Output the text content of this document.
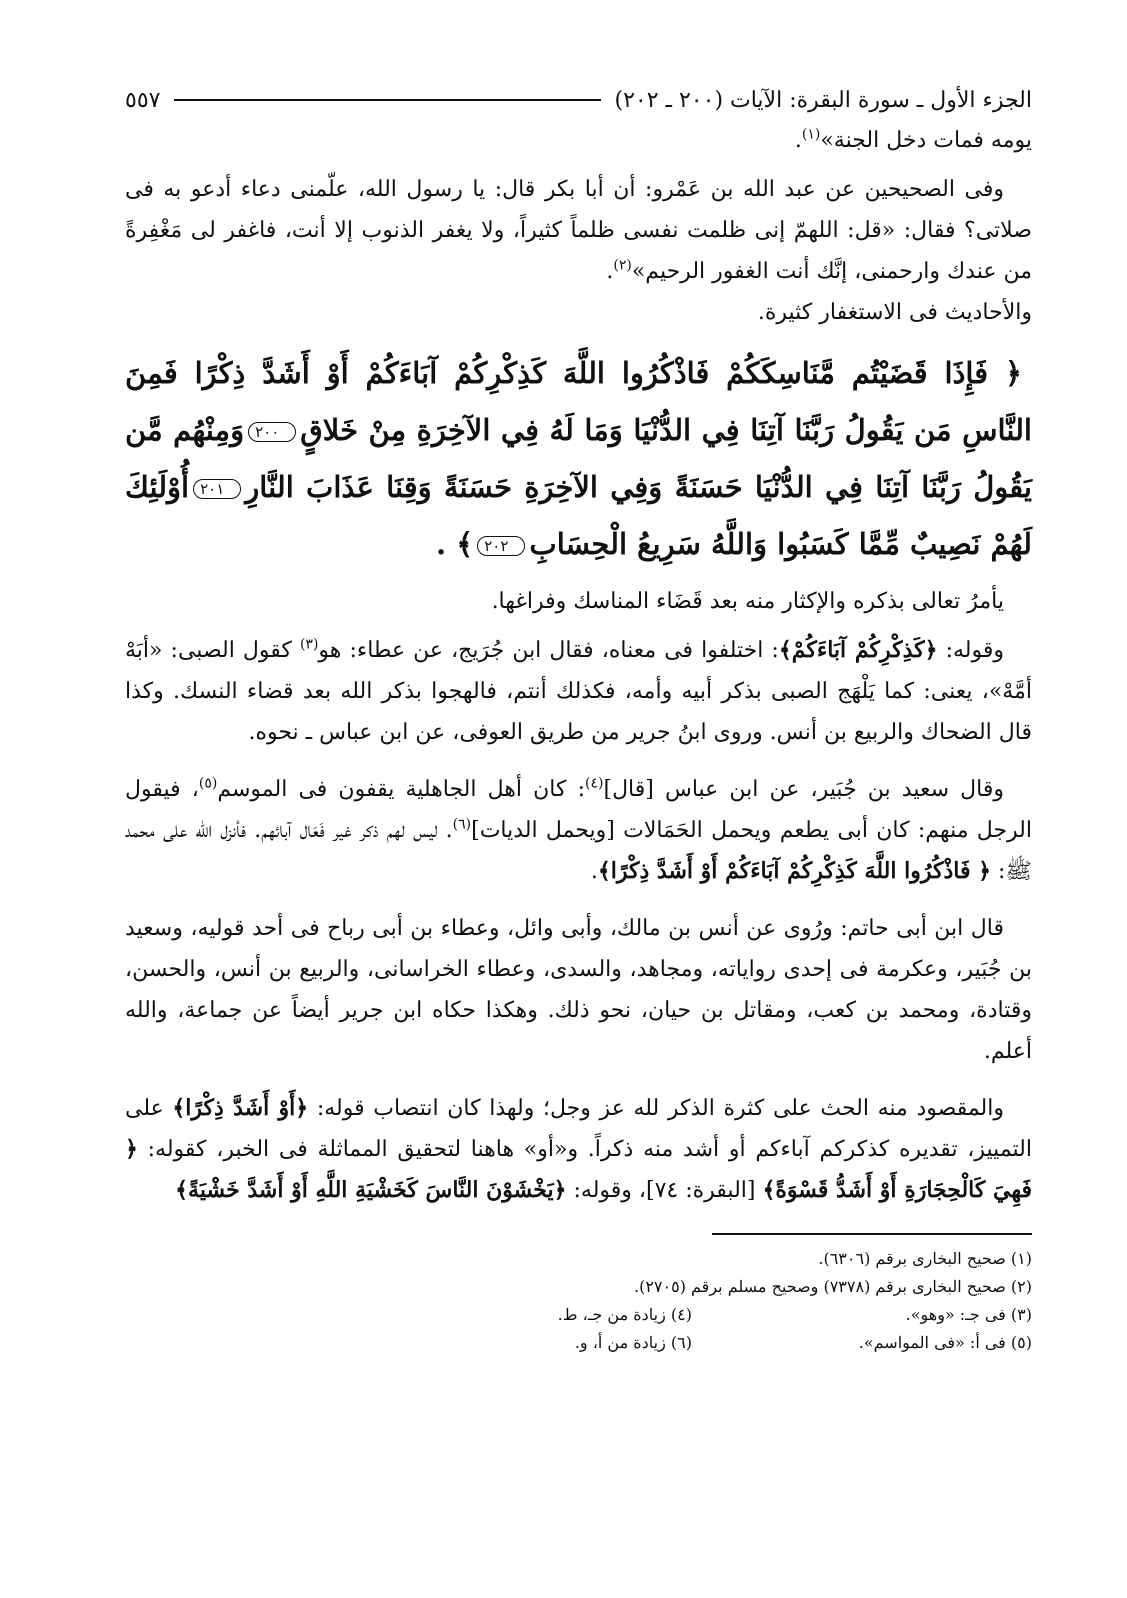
الجزء الأول ـ سورة البقرة: الآيات (٢٠٠ ـ ٢٠٢)
٥٥٧

يومه فمات دخل الجنة»$^{(١)}$.

وفى الصحيحين عن عبد الله بن عَمْرو: أن أبا بكر قال: يا رسول الله، علّمنى دعاء أدعو به فى صلاتى؟ فقال: «قل: اللهمّ إنى ظلمت نفسى ظلماً كثيراً، ولا يغفر الذنوب إلا أنت، فاغفر لى مَغْفِرةً من عندك وارحمنى، إنَّك أنت الغفور الرحيم»$^{(٢)}$.

والأحاديث فى الاستغفار كثيرة.

﴿ فَإِذَا قَضَيْتُم مَّنَاسِكَكُمْ فَاذْكُرُوا اللَّهَ كَذِكْرِكُمْ آبَاءَكُمْ أَوْ أَشَدَّ ذِكْرًا فَمِنَ النَّاسِ مَن يَقُولُ رَبَّنَا آتِنَا فِي الدُّنْيَا وَمَا لَهُ فِي الآخِرَةِ مِنْ خَلاقٍ٢٠٠وَمِنْهُم مَّن يَقُولُ رَبَّنَا آتِنَا فِي الدُّنْيَا حَسَنَةً وَفِي الآخِرَةِ حَسَنَةً وَقِنَا عَذَابَ النَّارِ٢٠١أُوْلَئِكَ لَهُمْ نَصِيبٌ مِّمَّا كَسَبُوا وَاللَّهُ سَرِيعُ الْحِسَابِ٢٠٢﴾ .

يأمرُ تعالى بذكره والإكثار منه بعد قَضَاء المناسك وفراغها.

وقوله: ﴿كَذِكْرِكُمْ آبَاءَكُمْ﴾: اختلفوا فى معناه، فقال ابن جُرَيج، عن عطاء: هو$^{(٣)}$ كقول الصبى: «أبَهْ أمَّهْ»، يعنى: كما يَلْهَج الصبى بذكر أبيه وأمه، فكذلك أنتم، فالهجوا بذكر الله بعد قضاء النسك. وكذا قال الضحاك والربيع بن أنس. وروى ابنُ جرير من طريق العوفى، عن ابن عباس ـ نحوه.

وقال سعيد بن جُبَير، عن ابن عباس [قال]$^{(٤)}$: كان أهل الجاهلية يقفون فى الموسم$^{(٥)}$، فيقول الرجل منهم: كان أبى يطعم ويحمل الحَمَالات [ويحمل الديات]$^{(٦)}$. ليس لهم ذكر غير فَعَال آبائهم. فأنزل الله على محمد ﷺ: ﴿ فَاذْكُرُوا اللَّهَ كَذِكْرِكُمْ آبَاءَكُمْ أَوْ أَشَدَّ ذِكْرًا﴾.

قال ابن أبى حاتم: ورُوى عن أنس بن مالك، وأبى وائل، وعطاء بن أبى رباح فى أحد قوليه، وسعيد بن جُبَير، وعكرمة فى إحدى رواياته، ومجاهد، والسدى، وعطاء الخراسانى، والربيع بن أنس، والحسن، وقتادة، ومحمد بن كعب، ومقاتل بن حيان، نحو ذلك. وهكذا حكاه ابن جرير أيضاً عن جماعة، والله أعلم.

والمقصود منه الحث على كثرة الذكر لله عز وجل؛ ولهذا كان انتصاب قوله: ﴿أَوْ أَشَدَّ ذِكْرًا﴾ على التمييز، تقديره كذكركم آباءكم أو أشد منه ذكراً. و«أو» هاهنا لتحقيق المماثلة فى الخبر، كقوله: ﴿ فَهِيَ كَالْحِجَارَةِ أَوْ أَشَدُّ قَسْوَةً﴾ [البقرة: ٧٤]، وقوله: ﴿يَخْشَوْنَ النَّاسَ كَخَشْيَةِ اللَّهِ أَوْ أَشَدَّ خَشْيَةً﴾

(١) صحيح البخارى برقم (٦٣٠٦).
(٢) صحيح البخارى برقم (٧٣٧٨) وصحيح مسلم برقم (٢٧٠٥).
(٣) فى جـ: «وهو».
(٤) زيادة من جـ، ط.
(٥) فى أ: «فى المواسم».
(٦) زيادة من أ، و.
